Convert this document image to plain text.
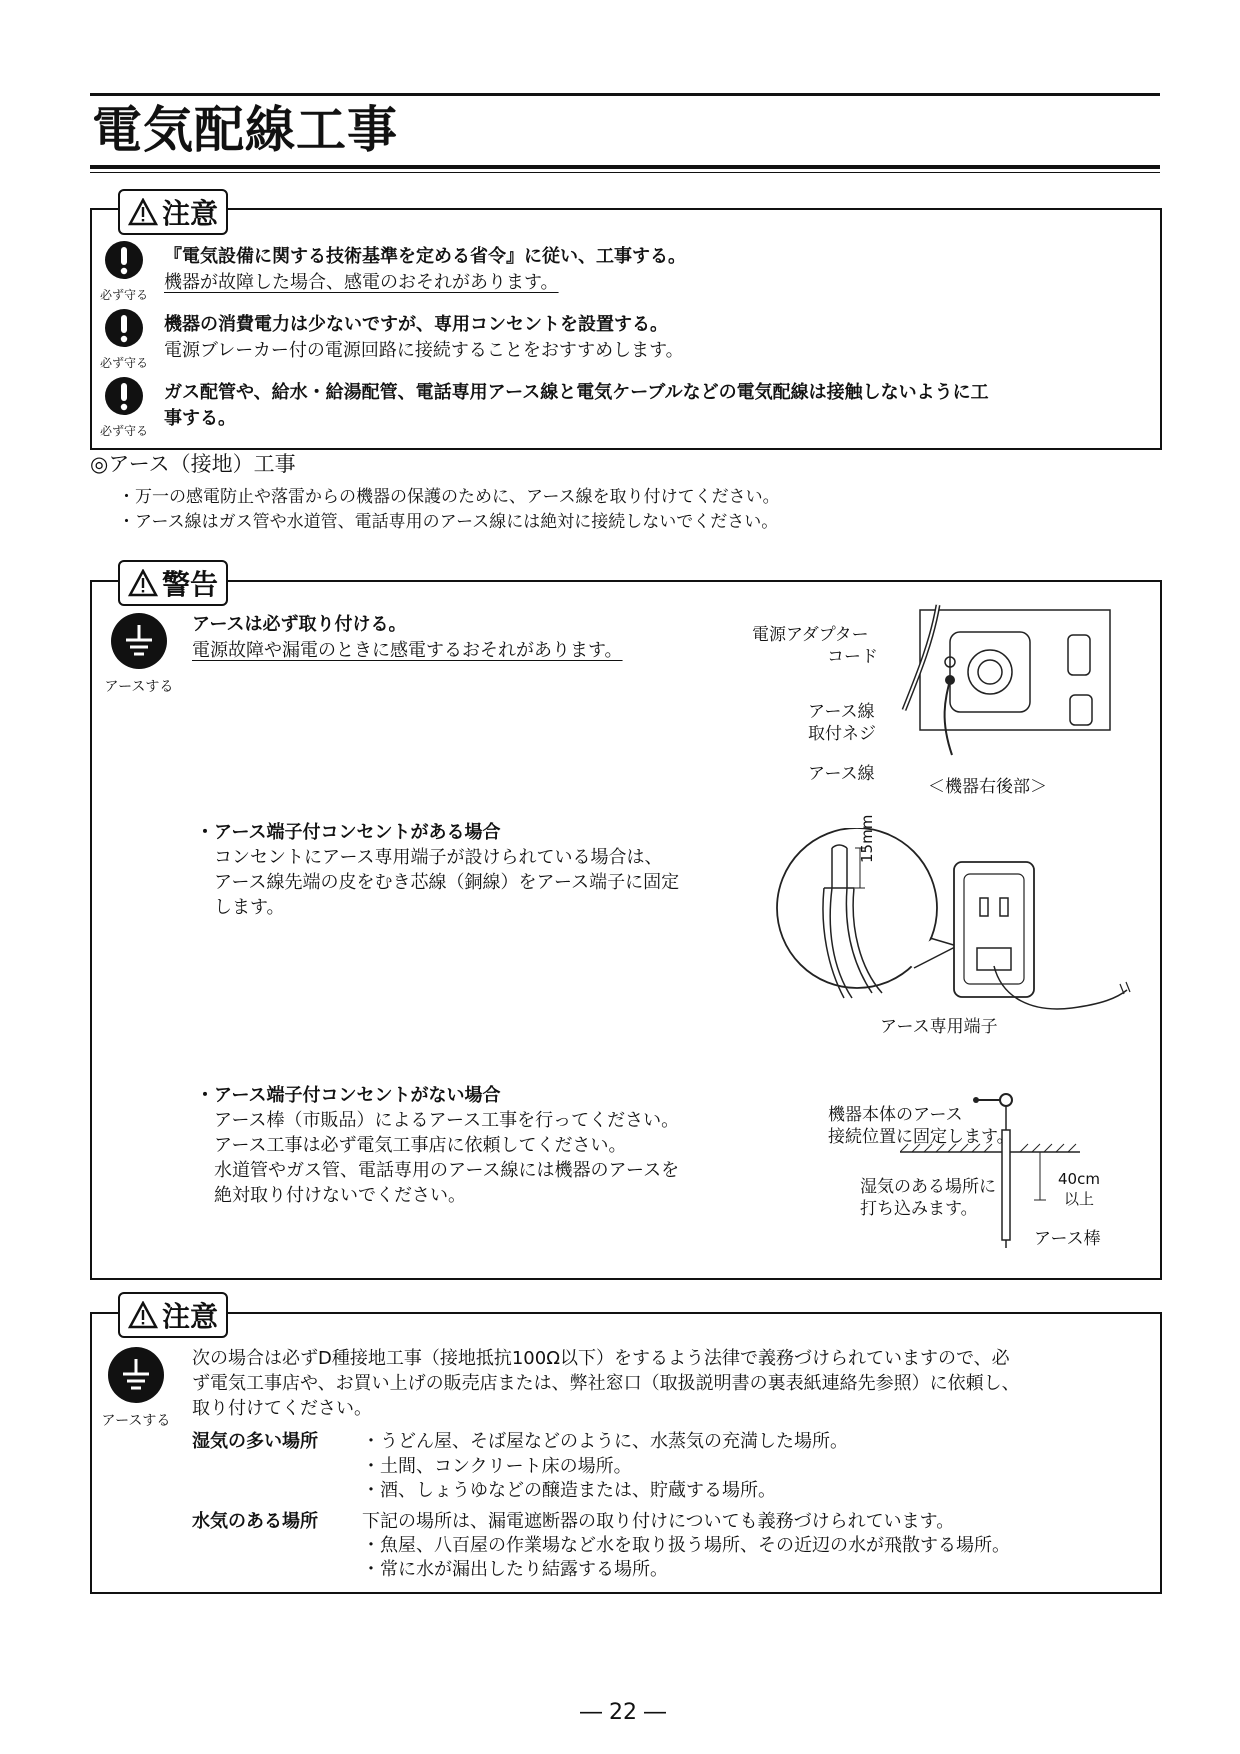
電気配線工事
注意
必ず守る
『電気設備に関する技術基準を定める省令』に従い、工事する。
機器が故障した場合、感電のおそれがあります。
必ず守る
機器の消費電力は少ないですが、専用コンセントを設置する。
電源ブレーカー付の電源回路に接続することをおすすめします。
必ず守る
ガス配管や、給水・給湯配管、電話専用アース線と電気ケーブルなどの電気配線は接触しないように工
事する。
◎アース（接地）工事
・万一の感電防止や落雷からの機器の保護のために、アース線を取り付けてください。
・アース線はガス管や水道管、電話専用のアース線には絶対に接続しないでください。
警告
アースする
アースは必ず取り付ける。
電源故障や漏電のときに感電するおそれがあります。
電源アダプター
コード
アース線
取付ネジ
アース線
＜機器右後部＞
・アース端子付コンセントがある場合
コンセントにアース専用端子が設けられている場合は、
アース線先端の皮をむき芯線（銅線）をアース端子に固定
します。
15mm
アース専用端子
・アース端子付コンセントがない場合
アース棒（市販品）によるアース工事を行ってください。
アース工事は必ず電気工事店に依頼してください。
水道管やガス管、電話専用のアース線には機器のアースを
絶対取り付けないでください。
機器本体のアース
接続位置に固定します。
湿気のある場所に
打ち込みます。
40cm
以上
アース棒
注意
アースする
次の場合は必ずD種接地工事（接地抵抗100Ω以下）をするよう法律で義務づけられていますので、必
ず電気工事店や、お買い上げの販売店または、弊社窓口（取扱説明書の裏表紙連絡先参照）に依頼し、
取り付けてください。
湿気の多い場所 ・うどん屋、そば屋などのように、水蒸気の充満した場所。
・土間、コンクリート床の場所。
・酒、しょうゆなどの醸造または、貯蔵する場所。
水気のある場所 下記の場所は、漏電遮断器の取り付けについても義務づけられています。
・魚屋、八百屋の作業場など水を取り扱う場所、その近辺の水が飛散する場所。
・常に水が漏出したり結露する場所。
― 22 ―
